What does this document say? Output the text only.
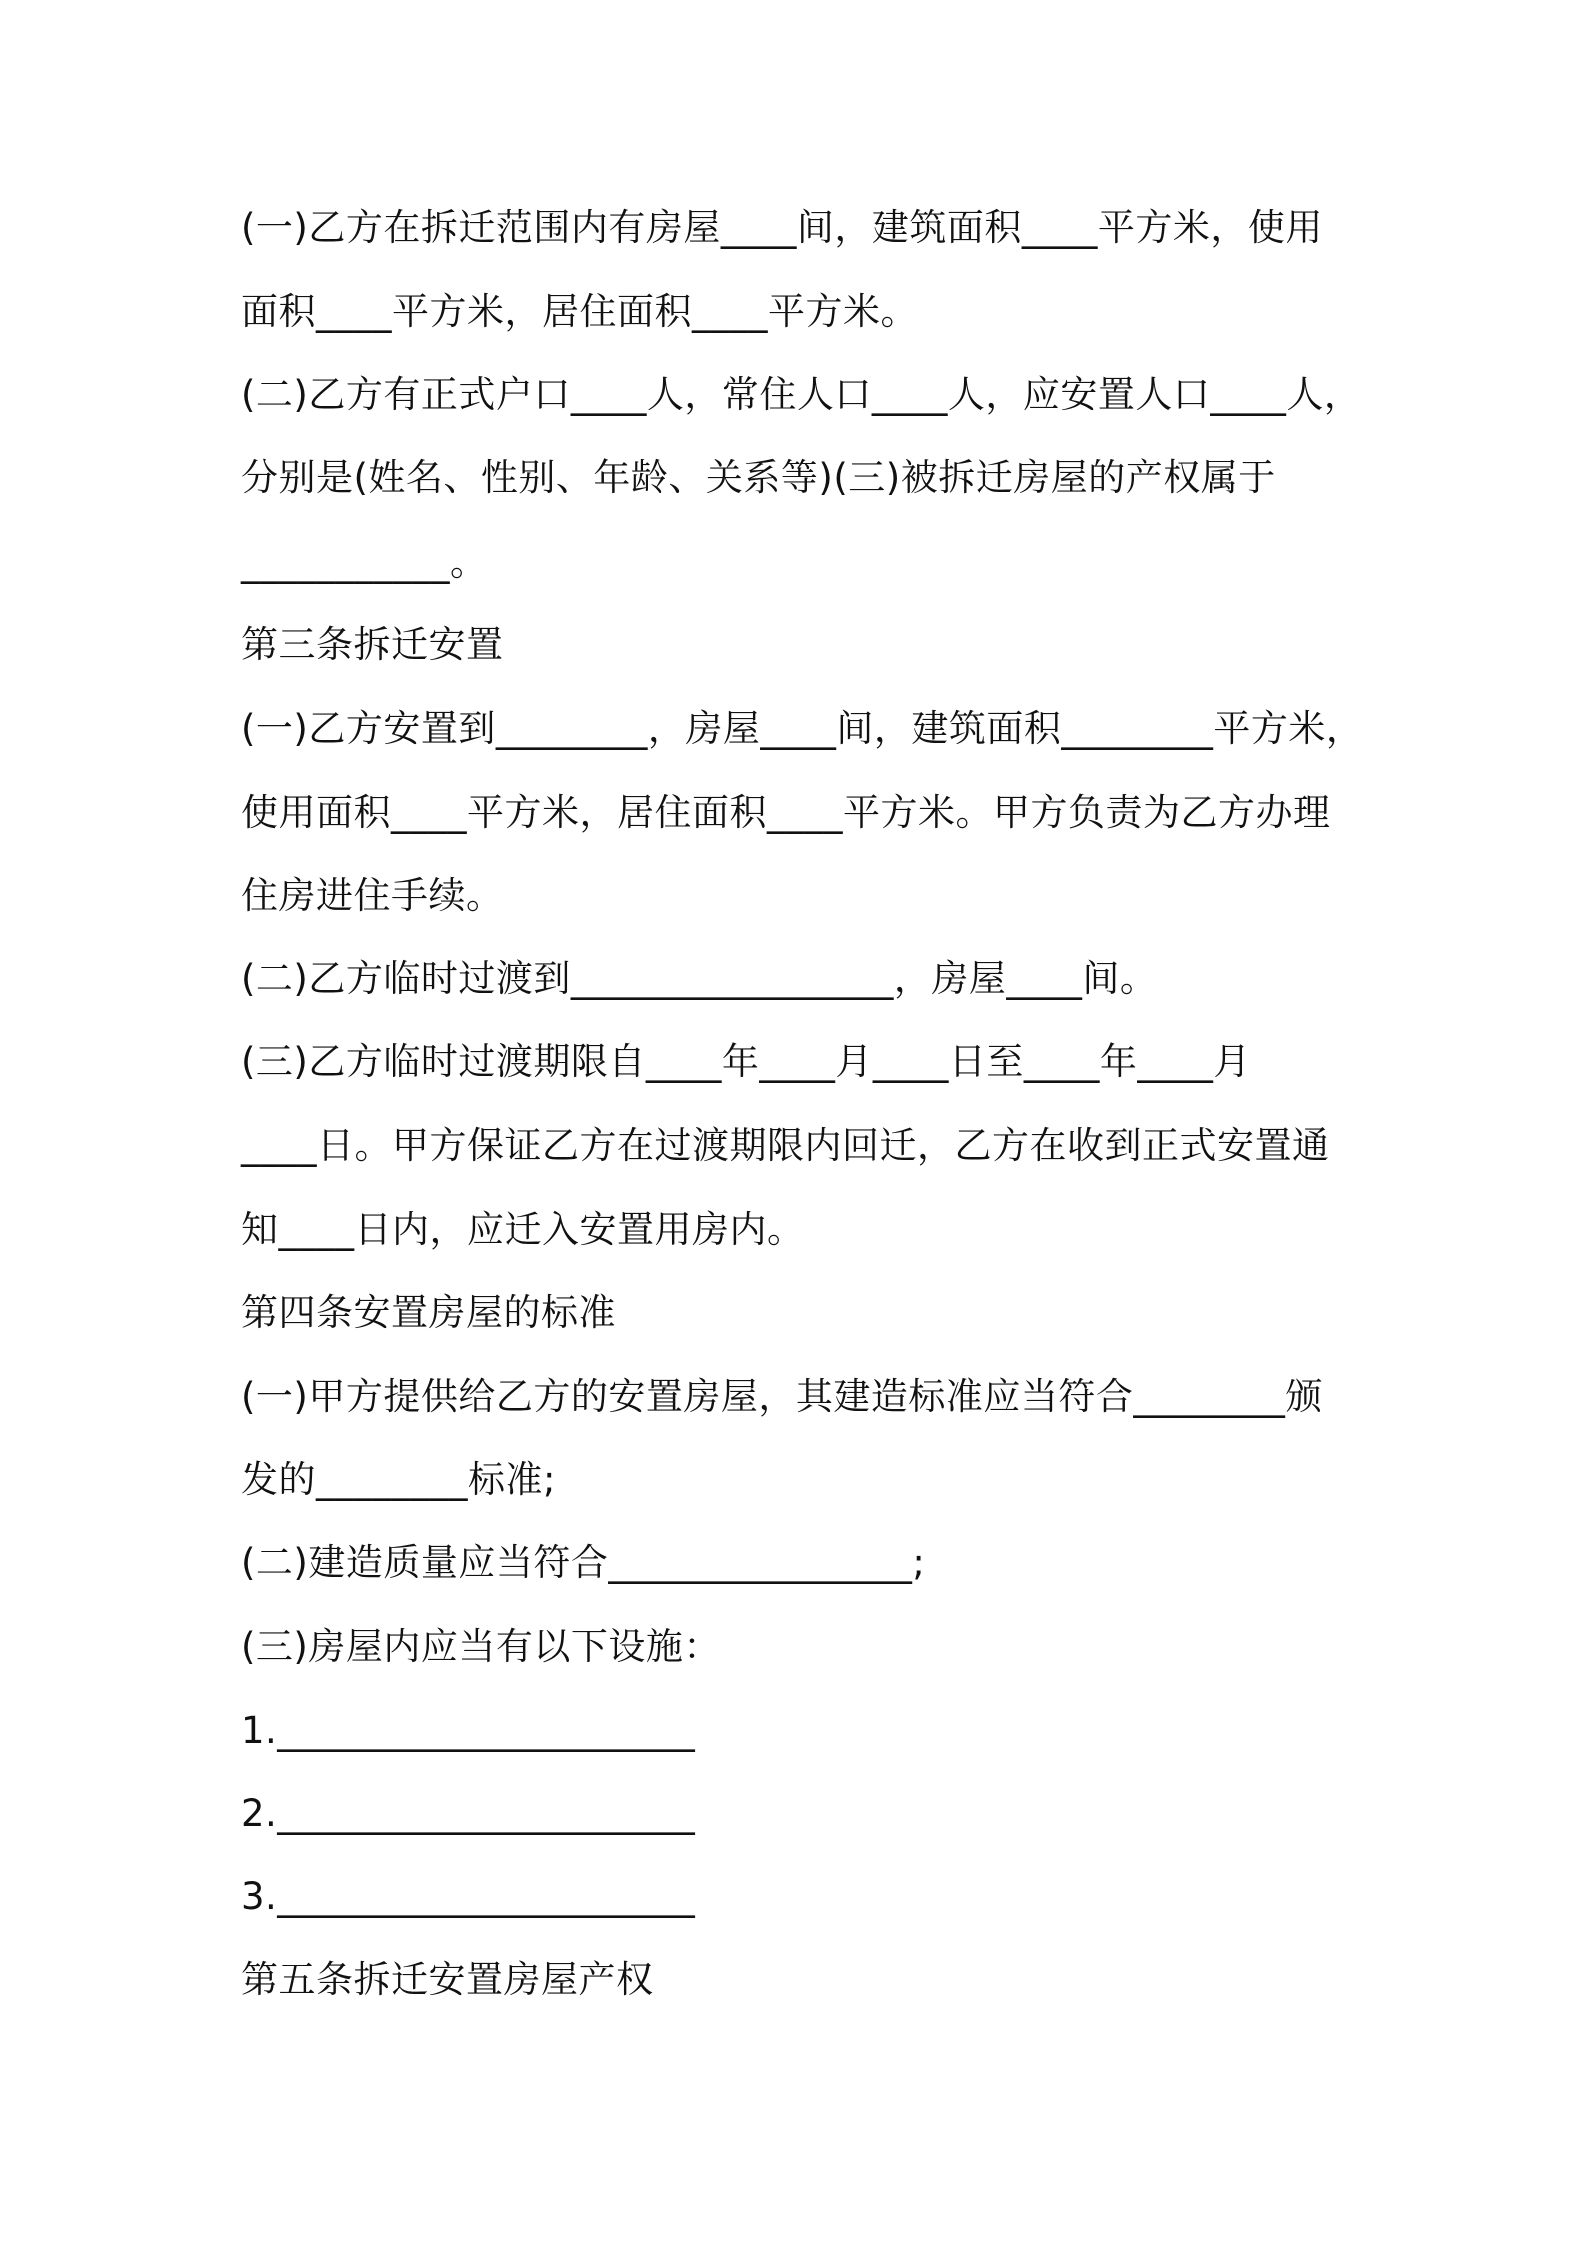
(一)乙方在拆迁范围内有房屋____间，建筑面积____平方米，使用

面积____平方米，居住面积____平方米。

(二)乙方有正式户口____人，常住人口____人，应安置人口____人，

分别是(姓名、性别、年龄、关系等)(三)被拆迁房屋的产权属于

___________。

第三条拆迁安置

(一)乙方安置到________，房屋____间，建筑面积________平方米，

使用面积____平方米，居住面积____平方米。甲方负责为乙方办理

住房进住手续。

(二)乙方临时过渡到_________________，房屋____间。

(三)乙方临时过渡期限自____年____月____日至____年____月

____日。甲方保证乙方在过渡期限内回迁，乙方在收到正式安置通

知____日内，应迁入安置用房内。

第四条安置房屋的标准

(一)甲方提供给乙方的安置房屋，其建造标准应当符合________颁

发的________标准;

(二)建造质量应当符合________________;

(三)房屋内应当有以下设施：

1.______________________

2.______________________

3.______________________

第五条拆迁安置房屋产权
